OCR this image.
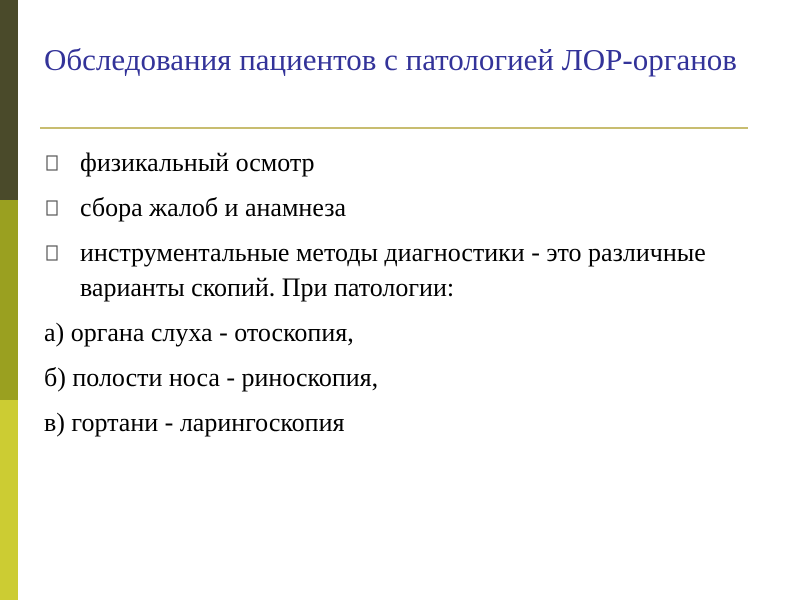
Обследования пациентов с патологией ЛОР-органов
физикальный осмотр
сбора жалоб и анамнеза
инструментальные методы диагностики - это различные варианты скопий. При патологии:

а) органа слуха - отоскопия,

б) полости носа - риноскопия,

в) гортани - ларингоскопия
